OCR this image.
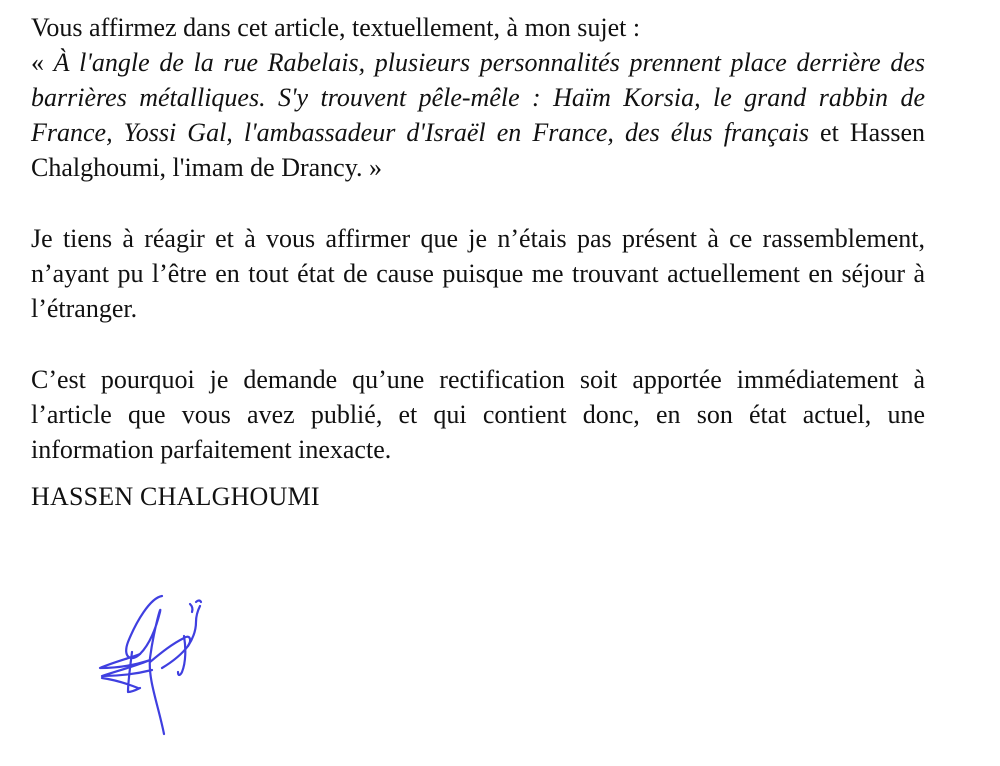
Vous affirmez dans cet article, textuellement, à mon sujet :

« À l'angle de la rue Rabelais, plusieurs personnalités prennent place derrière des barrières métalliques. S'y trouvent pêle-mêle : Haïm Korsia, le grand rabbin de France, Yossi Gal, l'ambassadeur d'Israël en France, des élus français et Hassen Chalghoumi, l'imam de Drancy. »

Je tiens à réagir et à vous affirmer que je n’étais pas présent à ce rassemblement, n’ayant pu l’être en tout état de cause puisque me trouvant actuellement en séjour à l’étranger.

C’est pourquoi je demande qu’une rectification soit apportée immédiatement à l’article que vous avez publié, et qui contient donc, en son état actuel, une information parfaitement inexacte.

HASSEN CHALGHOUMI
